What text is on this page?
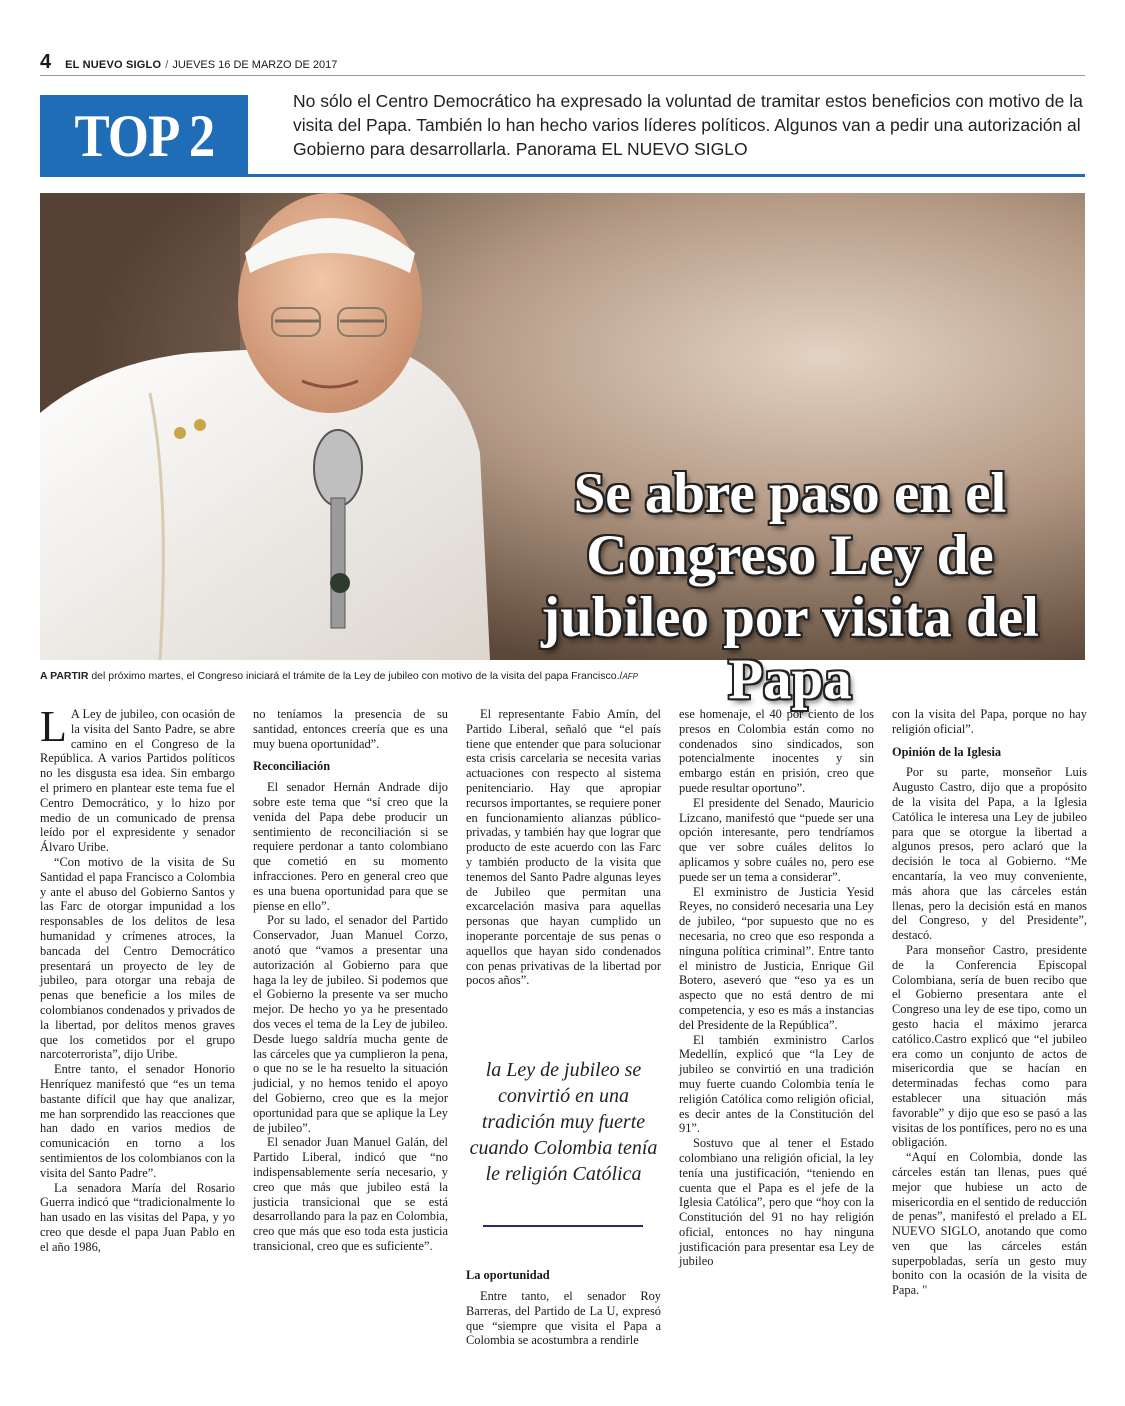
4 EL NUEVO SIGLO / JUEVES 16 DE MARZO DE 2017
TOP 2
No sólo el Centro Democrático ha expresado la voluntad de tramitar estos beneficios con motivo de la visita del Papa. También lo han hecho varios líderes políticos. Algunos van a pedir una autorización al Gobierno para desarrollarla. Panorama EL NUEVO SIGLO
Se abre paso en el Congreso Ley de jubileo por visita del Papa
A PARTIR del próximo martes, el Congreso iniciará el trámite de la Ley de jubileo con motivo de la visita del papa Francisco./AFP

L A Ley de jubileo, con ocasión de la visita del Santo Padre, se abre camino en el Congreso de la República. A varios Partidos políticos no les disgusta esa idea. Sin embargo el primero en plantear este tema fue el Centro Democrático, y lo hizo por medio de un comunicado de prensa leído por el expresidente y senador Álvaro Uribe.

“Con motivo de la visita de Su Santidad el papa Francisco a Colombia y ante el abuso del Gobierno Santos y las Farc de otorgar impunidad a los responsables de los delitos de lesa humanidad y crímenes atroces, la bancada del Centro Democrático presentará un proyecto de ley de jubileo, para otorgar una rebaja de penas que beneficie a los miles de colombianos condenados y privados de la libertad, por delitos menos graves que los cometidos por el grupo narcoterrorista”, dijo Uribe.

Entre tanto, el senador Honorio Henríquez manifestó que “es un tema bastante difícil que hay que analizar, me han sorprendido las reacciones que han dado en varios medios de comunicación en torno a los sentimientos de los colombianos con la visita del Santo Padre”.

La senadora María del Rosario Guerra indicó que “tradicionalmente lo han usado en las visitas del Papa, y yo creo que desde el papa Juan Pablo en el año 1986,

no teníamos la presencia de su santidad, entonces creería que es una muy buena oportunidad”.

Reconciliación

El senador Hernán Andrade dijo sobre este tema que “sí creo que la venida del Papa debe producir un sentimiento de reconciliación si se requiere perdonar a tanto colombiano que cometió en su momento infracciones. Pero en general creo que es una buena oportunidad para que se piense en ello”.

Por su lado, el senador del Partido Conservador, Juan Manuel Corzo, anotó que “vamos a presentar una autorización al Gobierno para que haga la ley de jubileo. Si podemos que el Gobierno la presente va ser mucho mejor. De hecho yo ya he presentado dos veces el tema de la Ley de jubileo. Desde luego saldría mucha gente de las cárceles que ya cumplieron la pena, o que no se le ha resuelto la situación judicial, y no hemos tenido el apoyo del Gobierno, creo que es la mejor oportunidad para que se aplique la Ley de jubileo”.

El senador Juan Manuel Galán, del Partido Liberal, indicó que “no indispensablemente sería necesario, y creo que más que jubileo está la justicia transicional que se está desarrollando para la paz en Colombia, creo que más que eso toda esta justicia transicional, creo que es suficiente”.

El representante Fabio Amín, del Partido Liberal, señaló que “el país tiene que entender que para solucionar esta crisis carcelaria se necesita varias actuaciones con respecto al sistema penitenciario. Hay que apropiar recursos importantes, se requiere poner en funcionamiento alianzas público-privadas, y también hay que lograr que producto de este acuerdo con las Farc y también producto de la visita que tenemos del Santo Padre algunas leyes de Jubileo que permitan una excarcelación masiva para aquellas personas que hayan cumplido un inoperante porcentaje de sus penas o aquellos que hayan sido condenados con penas privativas de la libertad por pocos años”.

La oportunidad

Entre tanto, el senador Roy Barreras, del Partido de La U, expresó que “siempre que visita el Papa a Colombia se acostumbra a rendirle

la Ley de jubileo se convirtió en una tradición muy fuerte cuando Colombia tenía le religión Católica

ese homenaje, el 40 por ciento de los presos en Colombia están como no condenados sino sindicados, son potencialmente inocentes y sin embargo están en prisión, creo que puede resultar oportuno”.

El presidente del Senado, Mauricio Lizcano, manifestó que “puede ser una opción interesante, pero tendríamos que ver sobre cuáles delitos lo aplicamos y sobre cuáles no, pero ese puede ser un tema a considerar”.

El exministro de Justicia Yesid Reyes, no consideró necesaria una Ley de jubileo, “por supuesto que no es necesaria, no creo que eso responda a ninguna política criminal”. Entre tanto el ministro de Justicia, Enrique Gil Botero, aseveró que “eso ya es un aspecto que no está dentro de mi competencia, y eso es más a instancias del Presidente de la República”.

El también exministro Carlos Medellín, explicó que “la Ley de jubileo se convirtió en una tradición muy fuerte cuando Colombia tenía le religión Católica como religión oficial, es decir antes de la Constitución del 91”.

Sostuvo que al tener el Estado colombiano una religión oficial, la ley tenía una justificación, “teniendo en cuenta que el Papa es el jefe de la Iglesia Católica”, pero que “hoy con la Constitución del 91 no hay religión oficial, entonces no hay ninguna justificación para presentar esa Ley de jubileo

con la visita del Papa, porque no hay religión oficial”.

Opinión de la Iglesia

Por su parte, monseñor Luis Augusto Castro, dijo que a propósito de la visita del Papa, a la Iglesia Católica le interesa una Ley de jubileo para que se otorgue la libertad a algunos presos, pero aclaró que la decisión le toca al Gobierno. “Me encantaría, la veo muy conveniente, más ahora que las cárceles están llenas, pero la decisión está en manos del Congreso, y del Presidente”, destacó.

Para monseñor Castro, presidente de la Conferencia Episcopal Colombiana, sería de buen recibo que el Gobierno presentara ante el Congreso una ley de ese tipo, como un gesto hacia el máximo jerarca católico.Castro explicó que “el jubileo era como un conjunto de actos de misericordia que se hacían en determinadas fechas como para establecer una situación más favorable” y dijo que eso se pasó a las visitas de los pontífices, pero no es una obligación.

“Aquí en Colombia, donde las cárceles están tan llenas, pues qué mejor que hubiese un acto de misericordia en el sentido de reducción de penas”, manifestó el prelado a EL NUEVO SIGLO, anotando que como ven que las cárceles están superpobladas, sería un gesto muy bonito con la ocasión de la visita de Papa. "
